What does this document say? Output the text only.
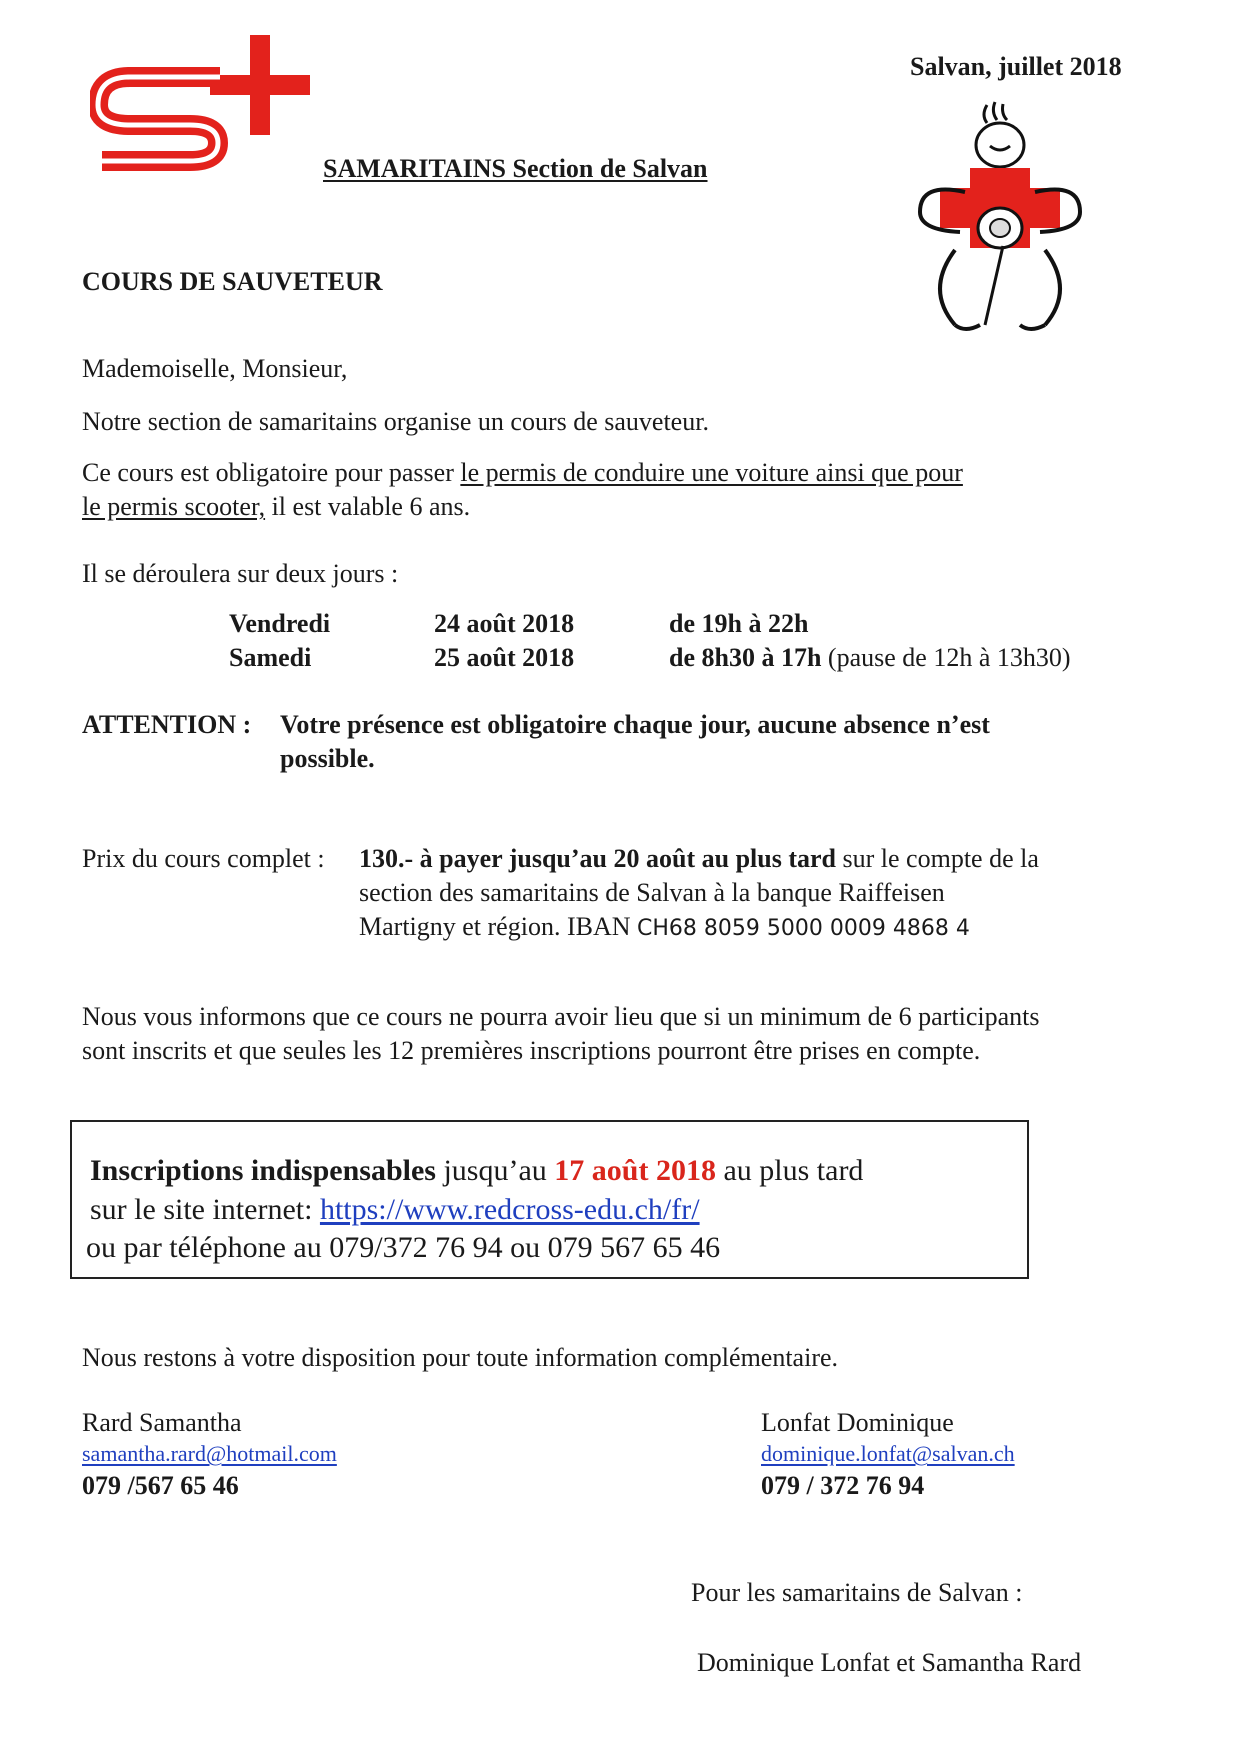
Salvan, juillet 2018
SAMARITAINS Section de Salvan
COURS DE SAUVETEUR
Mademoiselle, Monsieur,
Notre section de samaritains organise un cours de sauveteur.
Ce cours est obligatoire pour passer le permis de conduire une voiture ainsi que pour
le permis scooter, il est valable 6 ans.
Il se déroulera sur deux jours :
Vendredi	24 août 2018	de 19h à 22h
Samedi	25 août 2018	de 8h30 à 17h (pause de 12h à 13h30)
ATTENTION : Votre présence est obligatoire chaque jour, aucune absence n’est
possible.
Prix du cours complet : 130.- à payer jusqu’au 20 août au plus tard sur le compte de la
section des samaritains de Salvan à la banque Raiffeisen
Martigny et région. IBAN CH68 8059 5000 0009 4868 4
Nous vous informons que ce cours ne pourra avoir lieu que si un minimum de 6 participants
sont inscrits et que seules les 12 premières inscriptions pourront être prises en compte.
Inscriptions indispensables jusqu’au 17 août 2018 au plus tard
sur le site internet: https://www.redcross-edu.ch/fr/
ou par téléphone au 079/372 76 94 ou 079 567 65 46
Nous restons à votre disposition pour toute information complémentaire.
Rard Samantha
samantha.rard@hotmail.com
079 /567 65 46
Lonfat Dominique
dominique.lonfat@salvan.ch
079 / 372 76 94
Pour les samaritains de Salvan :
Dominique Lonfat et Samantha Rard
